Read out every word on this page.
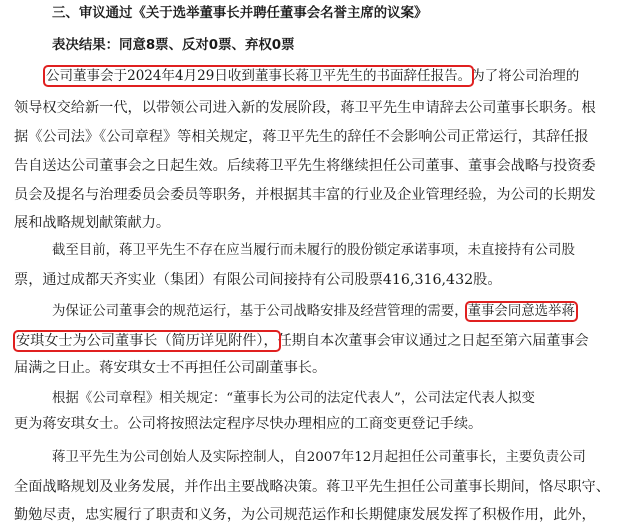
三、审议通过《关于选举董事长并聘任董事会名誉主席的议案》
表决结果：同意8票、反对0票、弃权0票
公司董事会于2024年4月29日收到董事长蒋卫平先生的书面辞任报告。为了将公司治理的
领导权交给新一代，以带领公司进入新的发展阶段，蒋卫平先生申请辞去公司董事长职务。根
据《公司法》《公司章程》等相关规定，蒋卫平先生的辞任不会影响公司正常运行，其辞任报
告自送达公司董事会之日起生效。后续蒋卫平先生将继续担任公司董事、董事会战略与投资委
员会及提名与治理委员会委员等职务，并根据其丰富的行业及企业管理经验，为公司的长期发
展和战略规划献策献力。
截至目前，蒋卫平先生不存在应当履行而未履行的股份锁定承诺事项，未直接持有公司股
票，通过成都天齐实业（集团）有限公司间接持有公司股票416,316,432股。
为保证公司董事会的规范运行，基于公司战略安排及经营管理的需要，董事会同意选举蒋
安琪女士为公司董事长（简历详见附件），任期自本次董事会审议通过之日起至第六届董事会
届满之日止。蒋安琪女士不再担任公司副董事长。
根据《公司章程》相关规定：“董事长为公司的法定代表人”，公司法定代表人拟变
更为蒋安琪女士。公司将按照法定程序尽快办理相应的工商变更登记手续。
蒋卫平先生为公司创始人及实际控制人，自2007年12月起担任公司董事长，主要负责公司
全面战略规划及业务发展，并作出主要战略决策。蒋卫平先生担任公司董事长期间，恪尽职守、
勤勉尽责，忠实履行了职责和义务，为公司规范运作和长期健康发展发挥了积极作用，此外，
